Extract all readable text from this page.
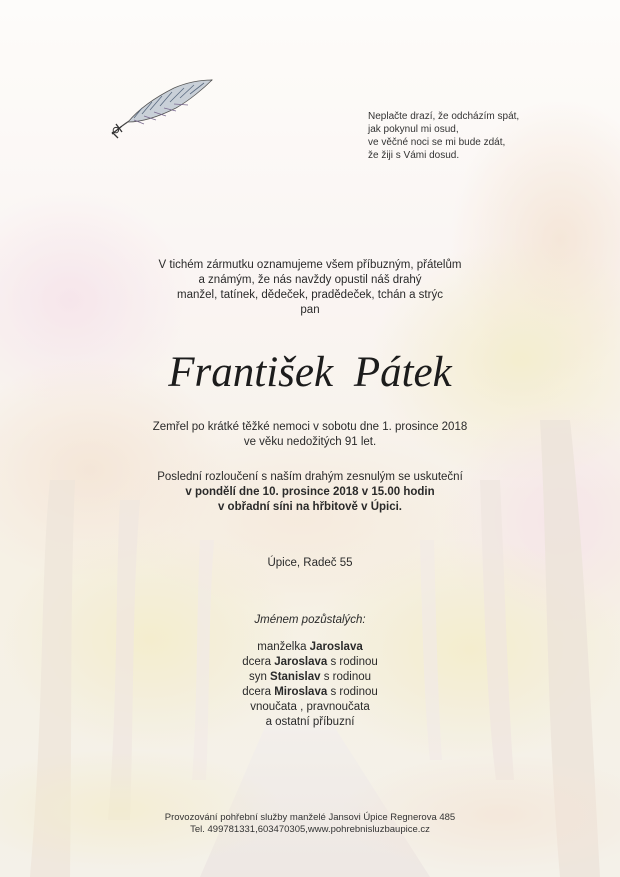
Neplačte drazí, že odcházím spát,
jak pokynul mi osud,
ve věčné noci se mi bude zdát,
že žiji s Vámi dosud.
V tichém zármutku oznamujeme všem příbuzným, přátelům
a známým, že nás navždy opustil náš drahý
manžel, tatínek, dědeček, pradědeček, tchán a strýc
pan
František Pátek
Zemřel po krátké těžké nemoci v sobotu dne 1. prosince 2018
ve věku nedožitých 91 let.
Poslední rozloučení s naším drahým zesnulým se uskuteční
v pondělí dne 10. prosince 2018 v 15.00 hodin
v obřadní síni na hřbitově v Úpici.
Úpice, Radeč 55
Jménem pozůstalých:
manželka Jaroslava
dcera Jaroslava s rodinou
syn Stanislav s rodinou
dcera Miroslava s rodinou
vnoučata , pravnoučata
a ostatní příbuzní
Provozování pohřební služby manželé Jansovi Úpice Regnerova 485
Tel. 499781331,603470305,www.pohrebnisluzbaupice.cz
